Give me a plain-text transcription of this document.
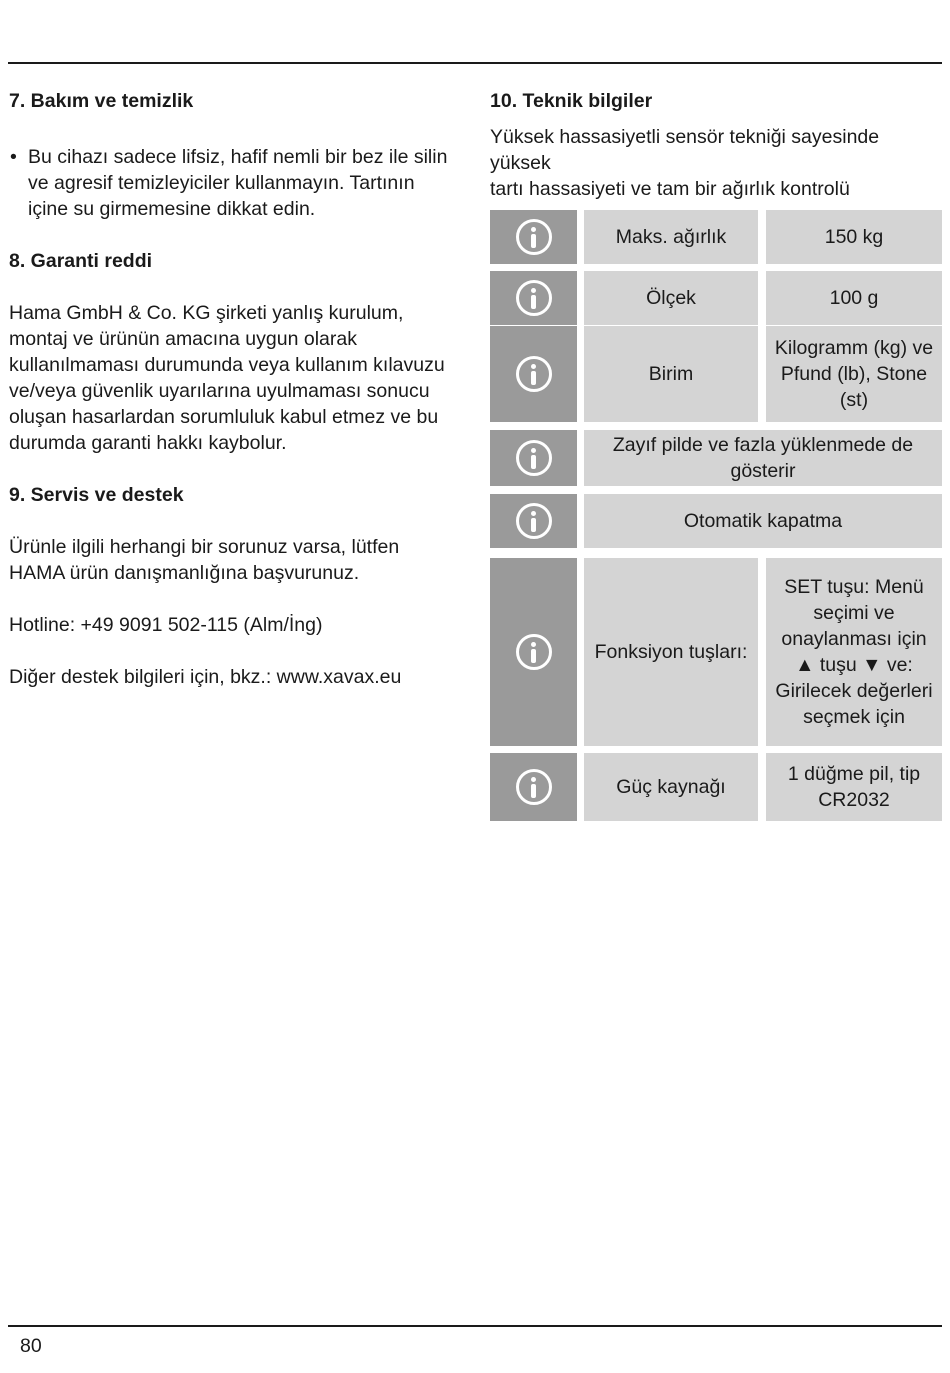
7. Bakım ve temizlik
• Bu cihazı sadece lifsiz, hafif nemli bir bez ile silin
ve agresif temizleyiciler kullanmayın. Tartının
içine su girmemesine dikkat edin.
8. Garanti reddi

Hama GmbH & Co. KG şirketi yanlış kurulum,

montaj ve ürünün amacına uygun olarak

kullanılmaması durumunda veya kullanım kılavuzu

ve/veya güvenlik uyarılarına uyulmaması sonucu

oluşan hasarlardan sorumluluk kabul etmez ve bu

durumda garanti hakkı kaybolur.

9. Servis ve destek

Ürünle ilgili herhangi bir sorunuz varsa, lütfen

HAMA ürün danışmanlığına başvurunuz.

Hotline: +49 9091 502-115 (Alm/İng)

Diğer destek bilgileri için, bkz.: www.xavax.eu

10. Teknik bilgiler

Yüksek hassasiyetli sensör tekniği sayesinde yüksek

tartı hassasiyeti ve tam bir ağırlık kontrolü

Maks. ağırlık	150 kg
Ölçek	100 g
Birim
Kilogramm (kg) ve
Pfund (lb), Stone
(st)
Zayıf pilde ve fazla yüklenmede de
gösterir
Otomatik kapatma
Fonksiyon tuşları:
SET tuşu: Menü
seçimi ve
onaylanması için
▲ tuşu ▼ ve:
Girilecek değerleri
seçmek için
Güç kaynağı
1 düğme pil, tip
CR2032
80
